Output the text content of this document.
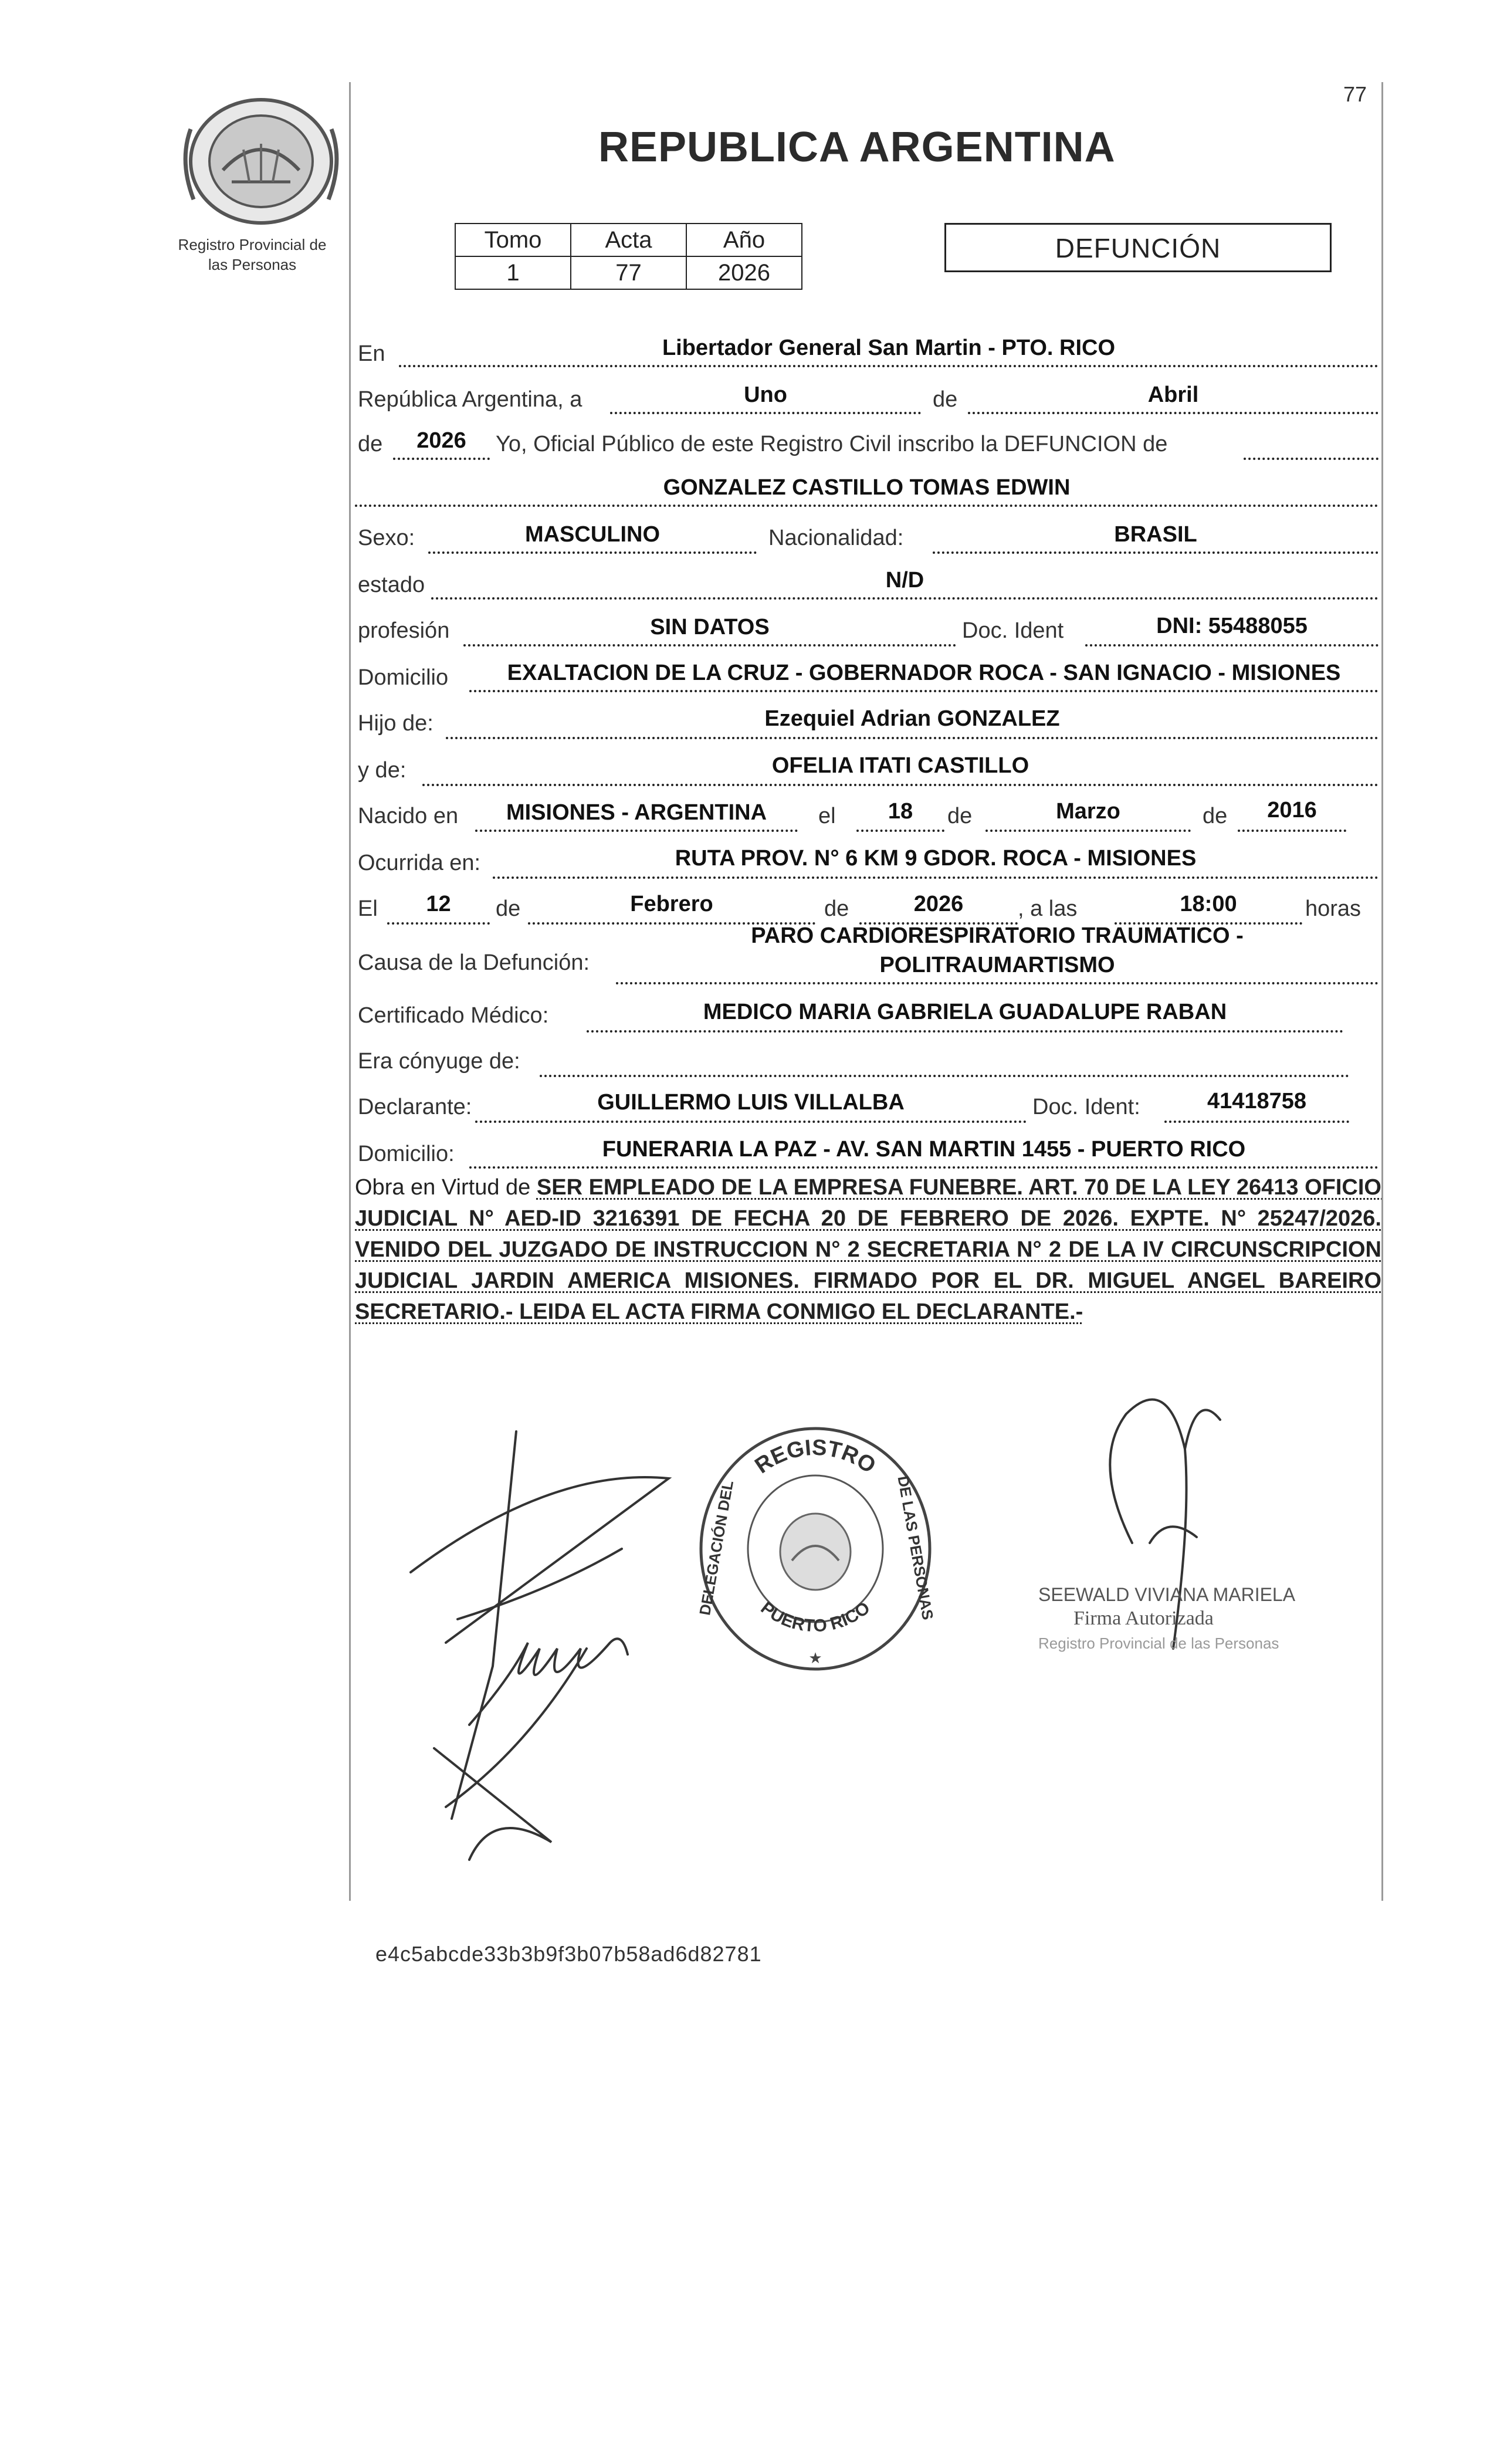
Registro Provincial de
las Personas
77
REPUBLICA ARGENTINA
Tomo	Acta	Año
1	77	2026
DEFUNCIÓN
En	Libertador General San Martin - PTO. RICO
República Argentina, a	Uno	de	Abril
de	2026	Yo, Oficial Público de este Registro Civil inscribo la DEFUNCION de
GONZALEZ CASTILLO TOMAS EDWIN
Sexo:	MASCULINO	Nacionalidad:	BRASIL
estado	N/D
profesión	SIN DATOS	Doc. Ident	DNI: 55488055
Domicilio	EXALTACION DE LA CRUZ - GOBERNADOR ROCA - SAN IGNACIO - MISIONES
Hijo de:	Ezequiel Adrian GONZALEZ
y de:	OFELIA ITATI CASTILLO
Nacido en	MISIONES - ARGENTINA	el	18	de	Marzo	de	2016
Ocurrida en:	RUTA PROV. N° 6 KM 9 GDOR. ROCA - MISIONES
El	12	de	Febrero	de	2026	, a las	18:00	horas
Causa de la Defunción:
PARO CARDIORESPIRATORIO TRAUMATICO -
POLITRAUMARTISMO
Certificado Médico:	MEDICO MARIA GABRIELA GUADALUPE RABAN
Era cónyuge de:
Declarante:	GUILLERMO LUIS VILLALBA	Doc. Ident:	41418758
Domicilio:	FUNERARIA LA PAZ - AV. SAN MARTIN 1455 - PUERTO RICO
Obra en Virtud de SER EMPLEADO DE LA EMPRESA FUNEBRE. ART. 70 DE LA LEY 26413 OFICIO JUDICIAL N° AED-ID 3216391 DE FECHA 20 DE FEBRERO DE 2026. EXPTE. N° 25247/2026. VENIDO DEL JUZGADO DE INSTRUCCION N° 2 SECRETARIA N° 2 DE LA IV CIRCUNSCRIPCION JUDICIAL JARDIN AMERICA MISIONES. FIRMADO POR EL DR. MIGUEL ANGEL BAREIRO SECRETARIO.- LEIDA EL ACTA FIRMA CONMIGO EL DECLARANTE.-
REGISTRO
PUERTO RICO
DELEGACIÓN DEL	DE LAS PERSONAS
★
SEEWALD VIVIANA MARIELA
Firma Autorizada
Registro Provincial de las Personas
e4c5abcde33b3b9f3b07b58ad6d82781
